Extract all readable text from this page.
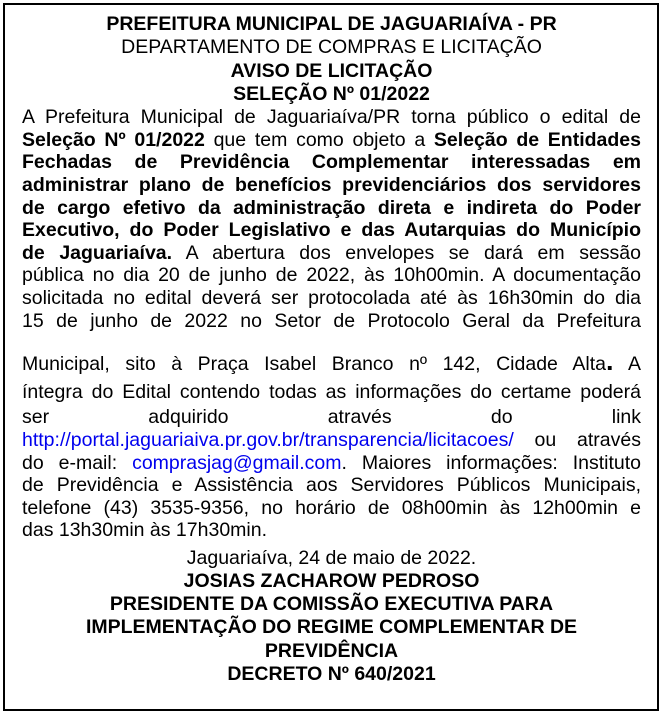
PREFEITURA MUNICIPAL DE JAGUARIAÍVA - PR
DEPARTAMENTO DE COMPRAS E LICITAÇÃO
AVISO DE LICITAÇÃO
SELEÇÃO Nº 01/2022
A Prefeitura Municipal de Jaguariaíva/PR torna público o edital de
Seleção Nº 01/2022 que tem como objeto a Seleção de Entidades
Fechadas de Previdência Complementar interessadas em
administrar plano de benefícios previdenciários dos servidores
de cargo efetivo da administração direta e indireta do Poder
Executivo, do Poder Legislativo e das Autarquias do Município
de Jaguariaíva. A abertura dos envelopes se dará em sessão
pública no dia 20 de junho de 2022, às 10h00min. A documentação
solicitada no edital deverá ser protocolada até às 16h30min do dia
15 de junho de 2022 no Setor de Protocolo Geral da Prefeitura
Municipal, sito à Praça Isabel Branco nº 142, Cidade Alta. A
íntegra do Edital contendo todas as informações do certame poderá
ser adquirido através do link
http://portal.jaguariaiva.pr.gov.br/transparencia/licitacoes/ ou através
do e-mail: comprasjag@gmail.com. Maiores informações: Instituto
de Previdência e Assistência aos Servidores Públicos Municipais,
telefone (43) 3535-9356, no horário de 08h00min às 12h00min e
das 13h30min às 17h30min.
Jaguariaíva, 24 de maio de 2022.
JOSIAS ZACHAROW PEDROSO
PRESIDENTE DA COMISSÃO EXECUTIVA PARA
IMPLEMENTAÇÃO DO REGIME COMPLEMENTAR DE
PREVIDÊNCIA
DECRETO Nº 640/2021
